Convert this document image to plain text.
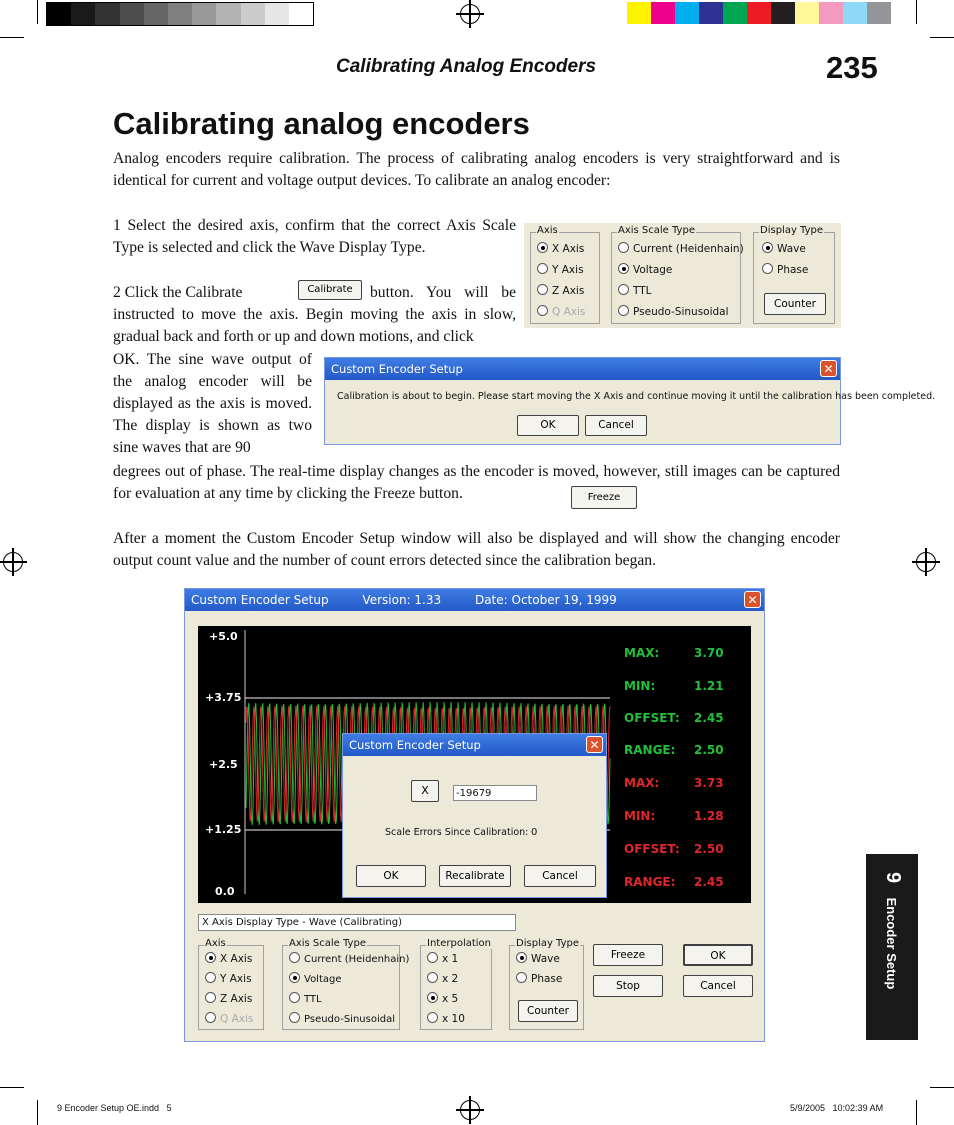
Calibrating Analog Encoders	235
Calibrating analog encoders
Analog encoders require calibration. The process of calibrating analog encoders is very straightforward and is identical for current and voltage output devices. To calibrate an analog encoder:
1 Select the desired axis, confirm that the correct Axis Scale Type is selected and click the Wave Display Type.
2 Click the Calibrate	Calibrate	button. You will be
instructed to move the axis. Begin moving the axis in slow, gradual back and forth or up and down motions, and click
OK. The sine wave output of the analog encoder will be displayed as the axis is moved. The display is shown as two sine waves that are 90
degrees out of phase. The real-time display changes as the encoder is moved, however, still images can be captured for evaluation at any time by clicking the Freeze button.	Freeze
After a moment the Custom Encoder Setup window will also be displayed and will show the changing encoder output count value and the number of count errors detected since the calibration began.
Axis
X Axis
Y Axis
Z Axis
Q Axis
Axis Scale Type
Current (Heidenhain)
Voltage
TTL
Pseudo-Sinusoidal
Display Type
Wave
Phase
Counter
Custom Encoder Setup	✕
Calibration is about to begin. Please start moving the X Axis and continue moving it until the calibration has been completed.
OK	Cancel
Custom Encoder Setup	Version: 1.33	Date: October 19, 1999	✕
+5.0
+3.75
+2.5
+1.25
0.0
MAX:	3.70
MIN:	1.21
OFFSET: 2.45
RANGE: 2.50
MAX:	3.73
MIN:	1.28
OFFSET: 2.50
RANGE: 2.45
Custom Encoder Setup	✕
X	-19679
Scale Errors Since Calibration: 0
OK	Recalibrate	Cancel
X Axis Display Type - Wave (Calibrating)
Axis
X Axis
Y Axis
Z Axis
Q Axis
Axis Scale Type
Current (Heidenhain)
Voltage
TTL
Pseudo-Sinusoidal
Interpolation
x 1
x 2
x 5
x 10
Display Type
Wave
Phase
Counter
Freeze
Stop
OK
Cancel
9 Encoder Setup
9 Encoder Setup OE.indd   5	5/9/2005   10:02:39 AM
